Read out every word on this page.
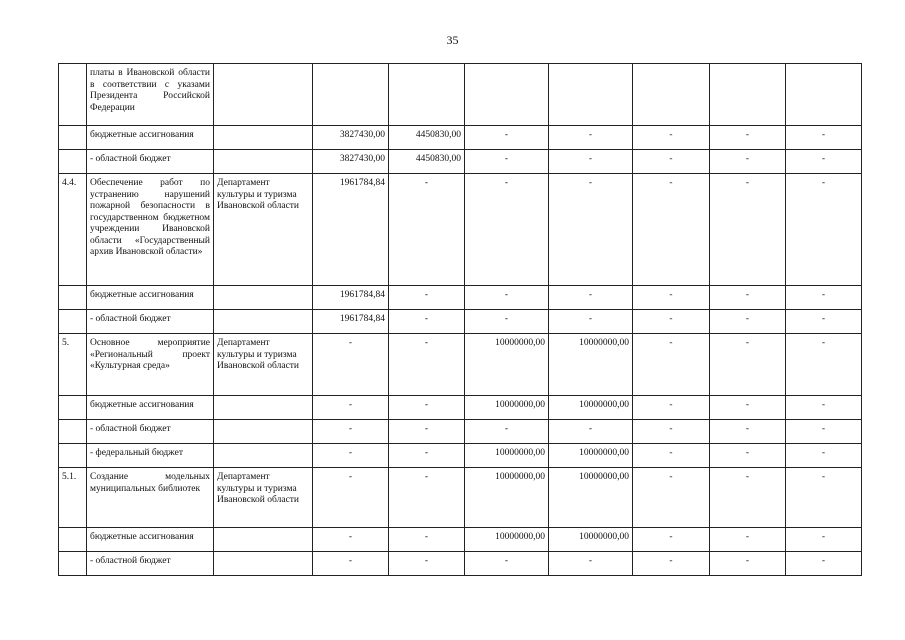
35
	платы в Ивановской области в соответствии с указами Президента Российской Федерации								
	бюджетные ассигнования		3827430,00	4450830,00	-	-	-	-	-
	- областной бюджет		3827430,00	4450830,00	-	-	-	-	-
4.4.	Обеспечение работ по устранению нарушений пожарной безопасности в государственном бюджетном учреждении Ивановской области «Государственный архив Ивановской области»	Департамент культуры и туризма Ивановской области	1961784,84	-	-	-	-	-	-
	бюджетные ассигнования		1961784,84	-	-	-	-	-	-
	- областной бюджет		1961784,84	-	-	-	-	-	-
5.	Основное мероприятие «Региональный проект «Культурная среда»	Департамент культуры и туризма Ивановской области	-	-	10000000,00	10000000,00	-	-	-
	бюджетные ассигнования		-	-	10000000,00	10000000,00	-	-	-
	- областной бюджет		-	-	-	-	-	-	-
	- федеральный бюджет		-	-	10000000,00	10000000,00	-	-	-
5.1.	Создание модельных муниципальных библиотек	Департамент культуры и туризма Ивановской области	-	-	10000000,00	10000000,00	-	-	-
	бюджетные ассигнования		-	-	10000000,00	10000000,00	-	-	-
	- областной бюджет		-	-	-	-	-	-	-
